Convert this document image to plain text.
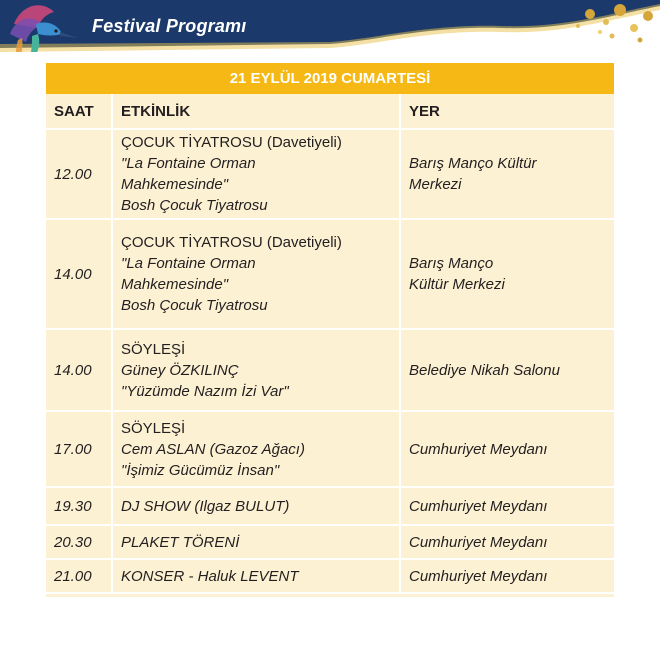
Festival Programı
21 EYLÜL 2019 CUMARTESİ
SAAT	ETKİNLİK	YER
12.00	ÇOCUK TİYATROSU (Davetiyeli)
"La Fontaine Orman
Mahkemesinde"
Bosh Çocuk Tiyatrosu	Barış Manço Kültür
Merkezi

14.00	ÇOCUK TİYATROSU (Davetiyeli)
"La Fontaine Orman
Mahkemesinde"
Bosh Çocuk Tiyatrosu	Barış Manço
Kültür Merkezi

14.00	SÖYLEŞİ
Güney ÖZKILINÇ
"Yüzümde Nazım İzi Var"	Belediye Nikah Salonu

17.00	SÖYLEŞİ
Cem ASLAN (Gazoz Ağacı)
"İşimiz Gücümüz İnsan"	Cumhuriyet Meydanı

19.30	DJ SHOW (Ilgaz BULUT)	Cumhuriyet Meydanı

20.30	PLAKET TÖRENİ	Cumhuriyet Meydanı

21.00	KONSER - Haluk LEVENT	Cumhuriyet Meydanı
